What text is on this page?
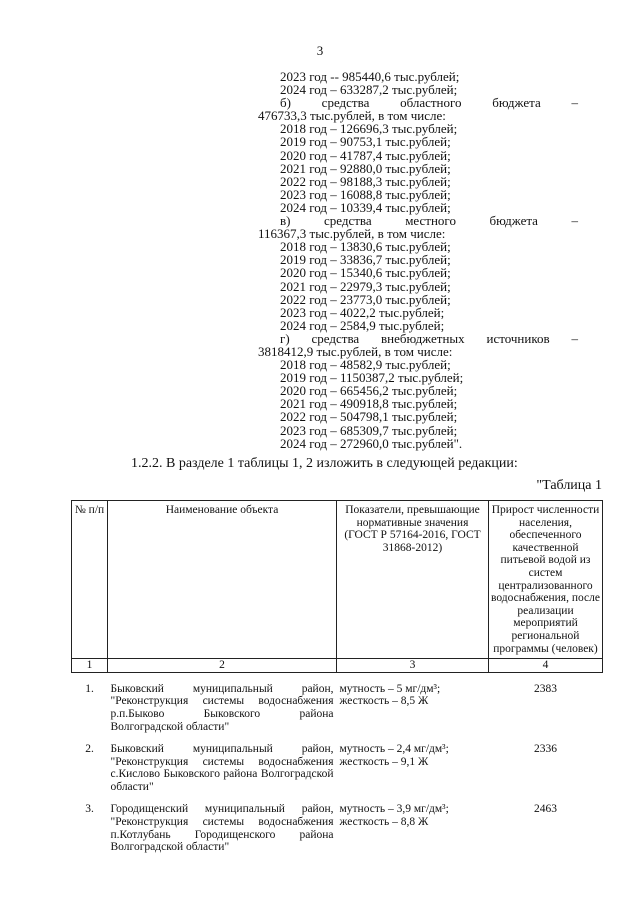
3
2023 год -- 985440,6 тыс.рублей;
2024 год – 633287,2 тыс.рублей;
б) средства областного бюджета –
476733,3 тыс.рублей, в том числе:
2018 год – 126696,3 тыс.рублей;
2019 год – 90753,1 тыс.рублей;
2020 год – 41787,4 тыс.рублей;
2021 год – 92880,0 тыс.рублей;
2022 год – 98188,3 тыс.рублей;
2023 год – 16088,8 тыс.рублей;
2024 год – 10339,4 тыс.рублей;
в)	средства	местного	бюджета	–
116367,3 тыс.рублей, в том числе:
2018 год – 13830,6 тыс.рублей;
2019 год – 33836,7 тыс.рублей;
2020 год – 15340,6 тыс.рублей;
2021 год – 22979,3 тыс.рублей;
2022 год – 23773,0 тыс.рублей;
2023 год – 4022,2 тыс.рублей;
2024 год – 2584,9 тыс.рублей;
г) средства внебюджетных источников –
3818412,9 тыс.рублей, в том числе:
2018 год – 48582,9 тыс.рублей;
2019 год – 1150387,2 тыс.рублей;
2020 год – 665456,2 тыс.рублей;
2021 год – 490918,8 тыс.рублей;
2022 год – 504798,1 тыс.рублей;
2023 год – 685309,7 тыс.рублей;
2024 год – 272960,0 тыс.рублей".
1.2.2. В разделе 1 таблицы 1, 2 изложить в следующей редакции:
"Таблица 1
№ п/п	Наименование объекта	Показатели, превышающие нормативные значения (ГОСТ Р 57164-2016, ГОСТ 31868-2012)	Прирост численности населения, обеспеченного качественной питьевой водой из систем централизованного водоснабжения, после реализации мероприятий региональной программы (человек)
1	2	3	4
1.	Быковский муниципальный район, "Реконструкция системы водоснабжения р.п.Быково Быковского района Волгоградской области"	мутность – 5 мг/дм³;
жесткость – 8,5 Ж	2383
2.	Быковский муниципальный район, "Реконструкция системы водоснабжения с.Кислово Быковского района Волгоградской области"	мутность – 2,4 мг/дм³;
жесткость – 9,1 Ж	2336
3.	Городищенский муниципальный район, "Реконструкция системы водоснабжения п.Котлубань Городищенского района Волгоградской области"	мутность – 3,9 мг/дм³;
жесткость – 8,8 Ж	2463
